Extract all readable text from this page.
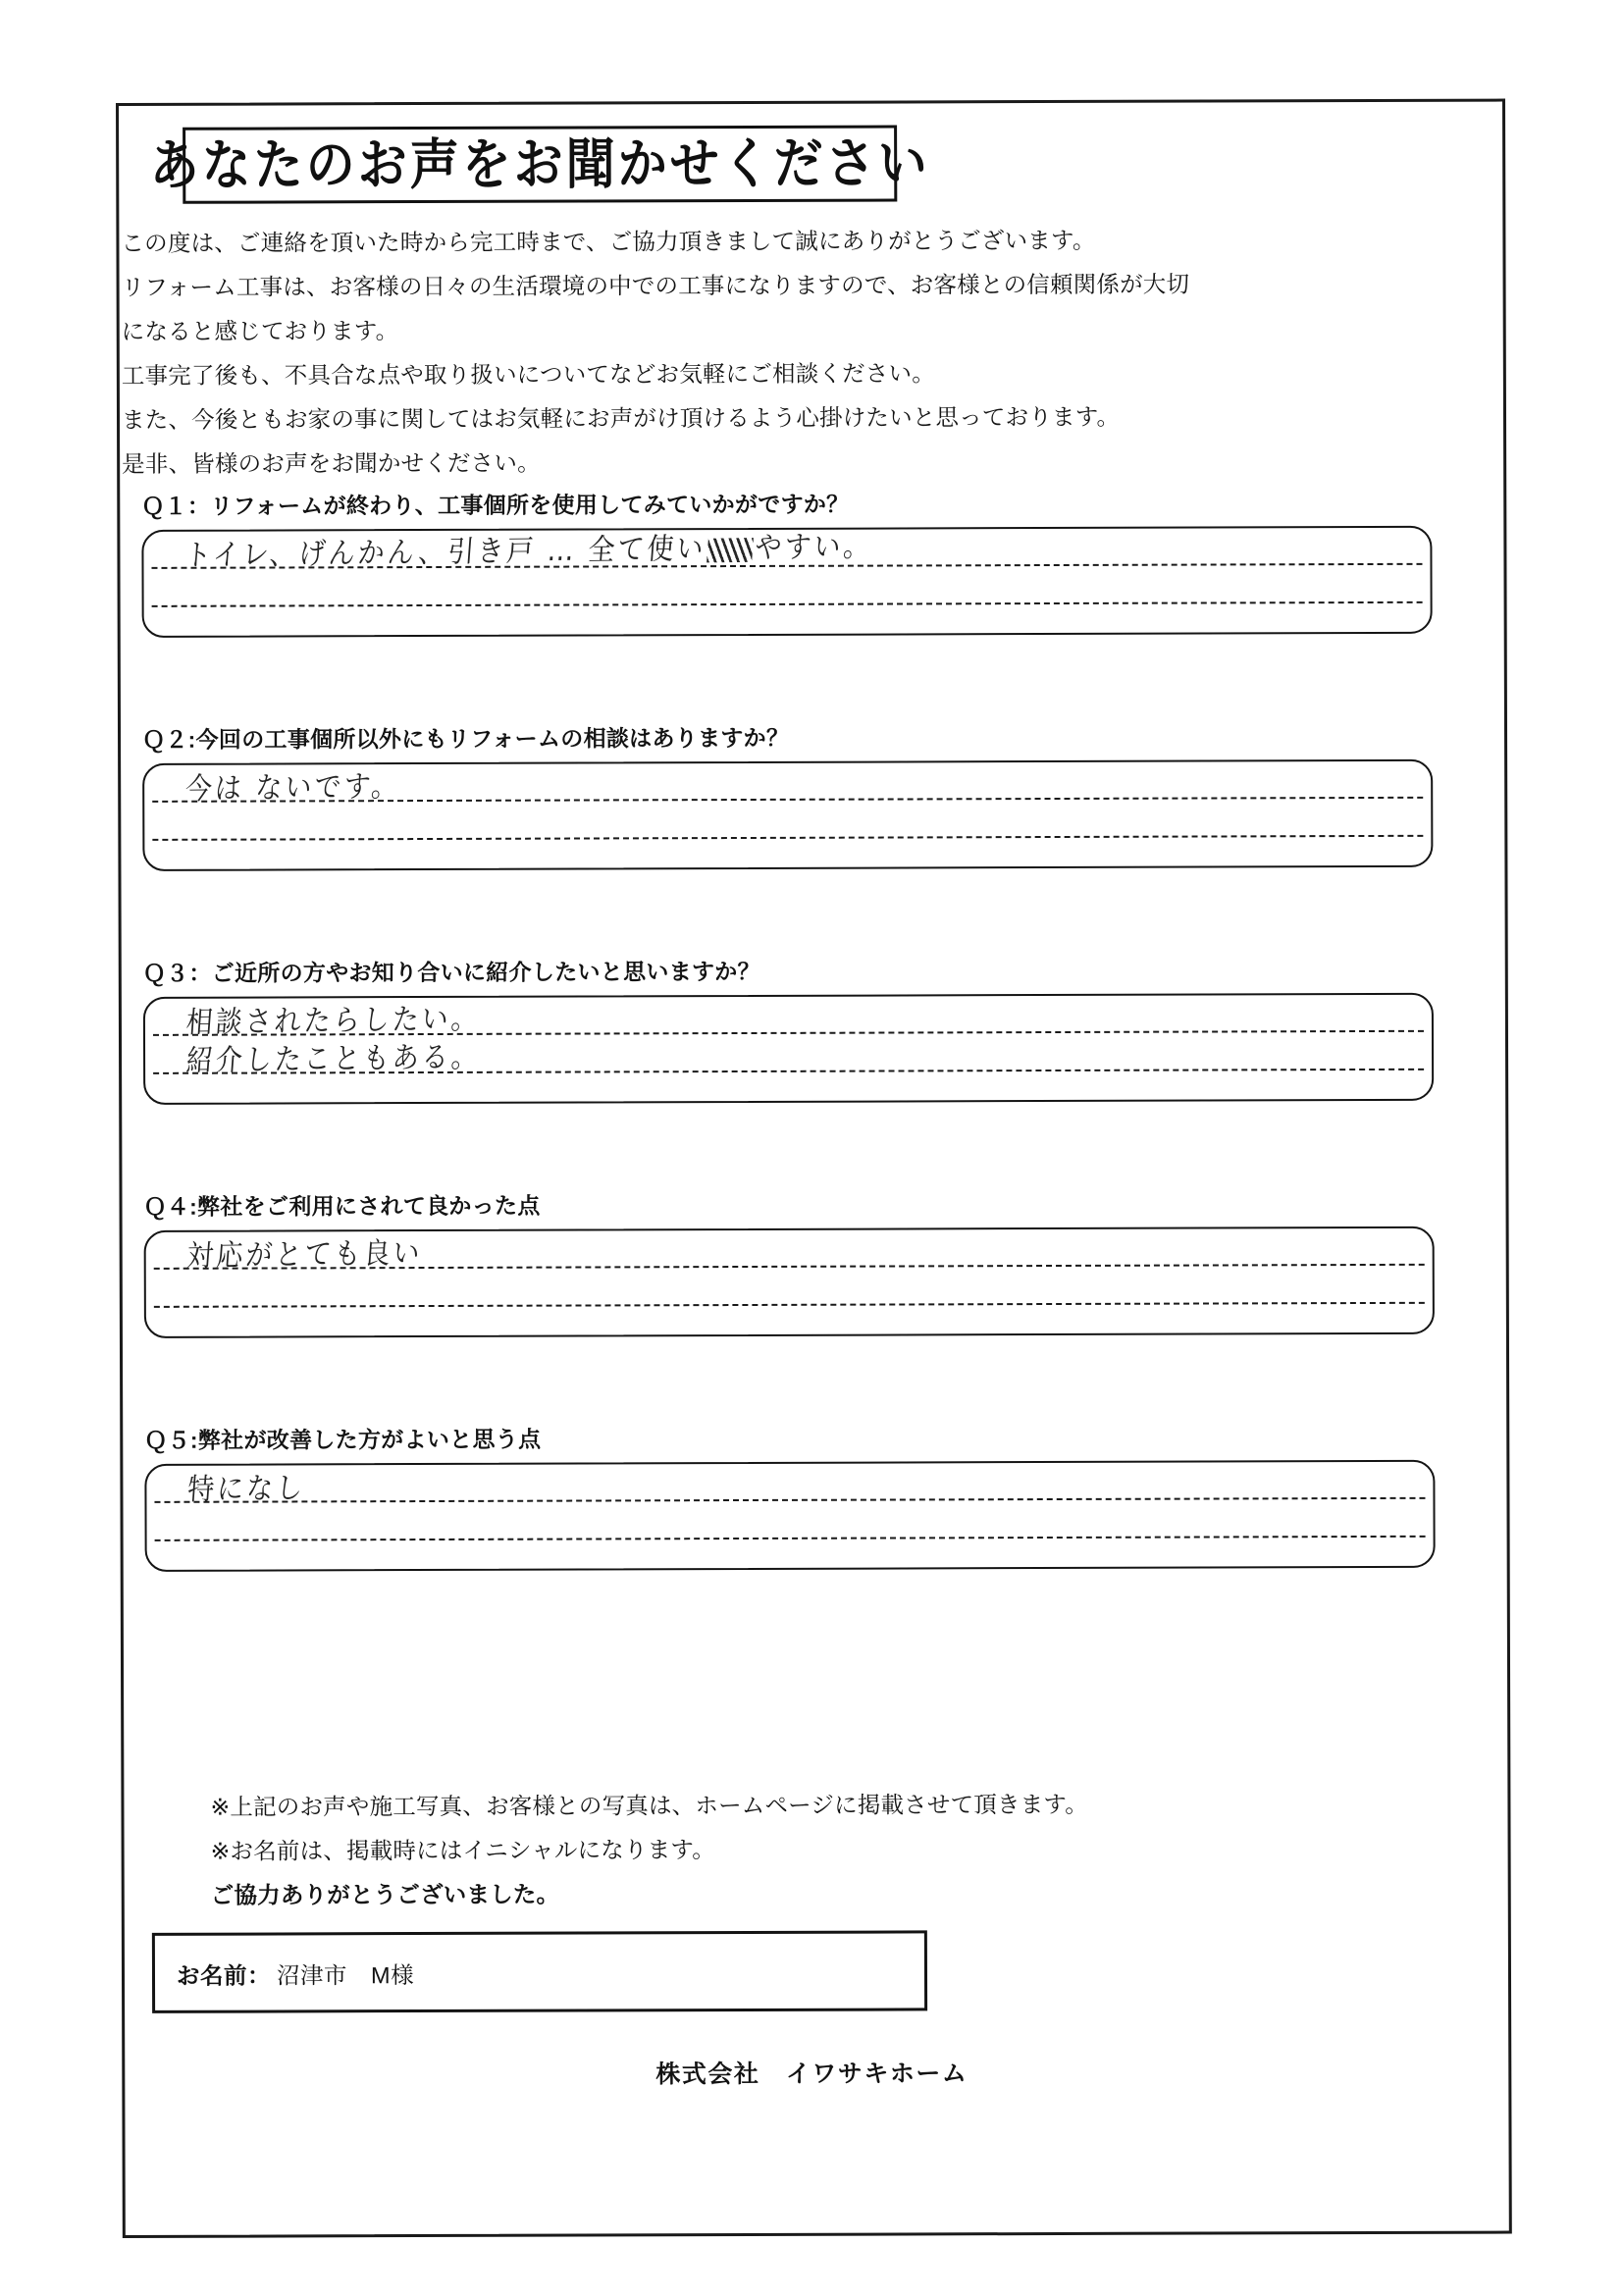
あなたのお声をお聞かせください

この度は、ご連絡を頂いた時から完工時まで、ご協力頂きまして誠にありがとうございます。

リフォーム工事は、お客様の日々の生活環境の中での工事になりますので、お客様との信頼関係が大切

になると感じております。

工事完了後も、不具合な点や取り扱いについてなどお気軽にご相談ください。

また、今後ともお家の事に関してはお気軽にお声がけ頂けるよう心掛けたいと思っております。

是非、皆様のお声をお聞かせください。

Ｑ１：リフォームが終わり、工事個所を使用してみていかがですか？
トイレ、げんかん、引き戸 … 全て使い やすい。
Ｑ２:今回の工事個所以外にもリフォームの相談はありますか？
今は ないです。
Ｑ３：ご近所の方やお知り合いに紹介したいと思いますか？
相談されたらしたい。
紹介したこともある。
Ｑ４:弊社をご利用にされて良かった点
対応がとても良い
Ｑ５:弊社が改善した方がよいと思う点
特になし

※上記のお声や施工写真、お客様との写真は、ホームページに掲載させて頂きます。

※お名前は、掲載時にはイニシャルになります。

ご協力ありがとうございました。

お名前： 沼津市　M様
株式会社　イワサキホーム
